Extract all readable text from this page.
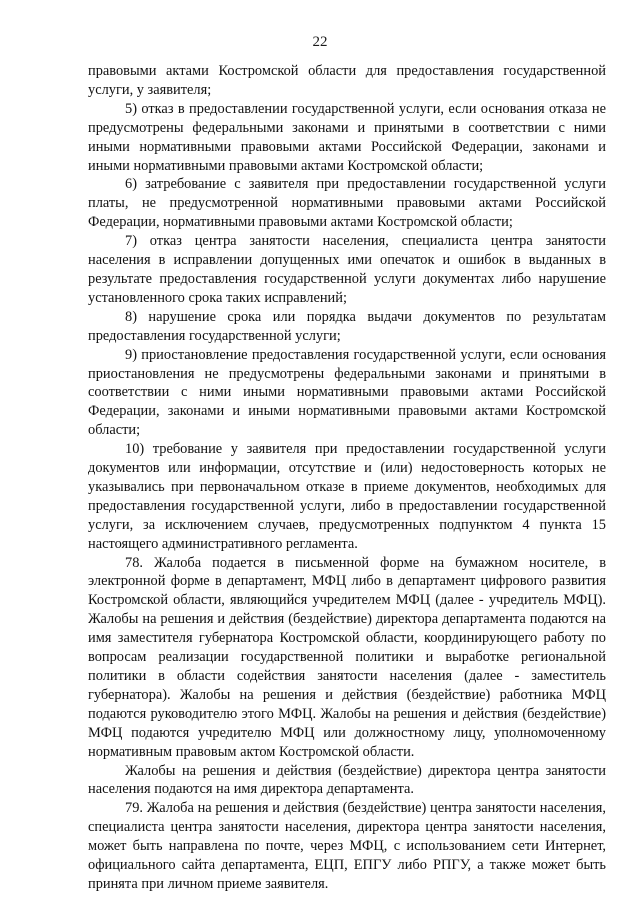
22

правовыми актами Костромской области для предоставления государственной услуги, у заявителя;

5) отказ в предоставлении государственной услуги, если основания отказа не предусмотрены федеральными законами и принятыми в соответствии с ними иными нормативными правовыми актами Российской Федерации, законами и иными нормативными правовыми актами Костромской области;

6) затребование с заявителя при предоставлении государственной услуги платы, не предусмотренной нормативными правовыми актами Российской Федерации, нормативными правовыми актами Костромской области;

7) отказ центра занятости населения, специалиста центра занятости населения в исправлении допущенных ими опечаток и ошибок в выданных в результате предоставления государственной услуги документах либо нарушение установленного срока таких исправлений;

8) нарушение срока или порядка выдачи документов по результатам предоставления государственной услуги;

9) приостановление предоставления государственной услуги, если основания приостановления не предусмотрены федеральными законами и принятыми в соответствии с ними иными нормативными правовыми актами Российской Федерации, законами и иными нормативными правовыми актами Костромской области;

10) требование у заявителя при предоставлении государственной услуги документов или информации, отсутствие и (или) недостоверность которых не указывались при первоначальном отказе в приеме документов, необходимых для предоставления государственной услуги, либо в предоставлении государственной услуги, за исключением случаев, предусмотренных подпунктом 4 пункта 15 настоящего административного регламента.

78. Жалоба подается в письменной форме на бумажном носителе, в электронной форме в департамент, МФЦ либо в департамент цифрового развития Костромской области, являющийся учредителем МФЦ (далее - учредитель МФЦ). Жалобы на решения и действия (бездействие) директора департамента подаются на имя заместителя губернатора Костромской области, координирующего работу по вопросам реализации государственной политики и выработке региональной политики в области содействия занятости населения (далее - заместитель губернатора). Жалобы на решения и действия (бездействие) работника МФЦ подаются руководителю этого МФЦ. Жалобы на решения и действия (бездействие) МФЦ подаются учредителю МФЦ или должностному лицу, уполномоченному нормативным правовым актом Костромской области.

Жалобы на решения и действия (бездействие) директора центра занятости населения подаются на имя директора департамента.

79. Жалоба на решения и действия (бездействие) центра занятости населения, специалиста центра занятости населения, директора центра занятости населения, может быть направлена по почте, через МФЦ, с использованием сети Интернет, официального сайта департамента, ЕЦП, ЕПГУ либо РПГУ, а также может быть принята при личном приеме заявителя.
